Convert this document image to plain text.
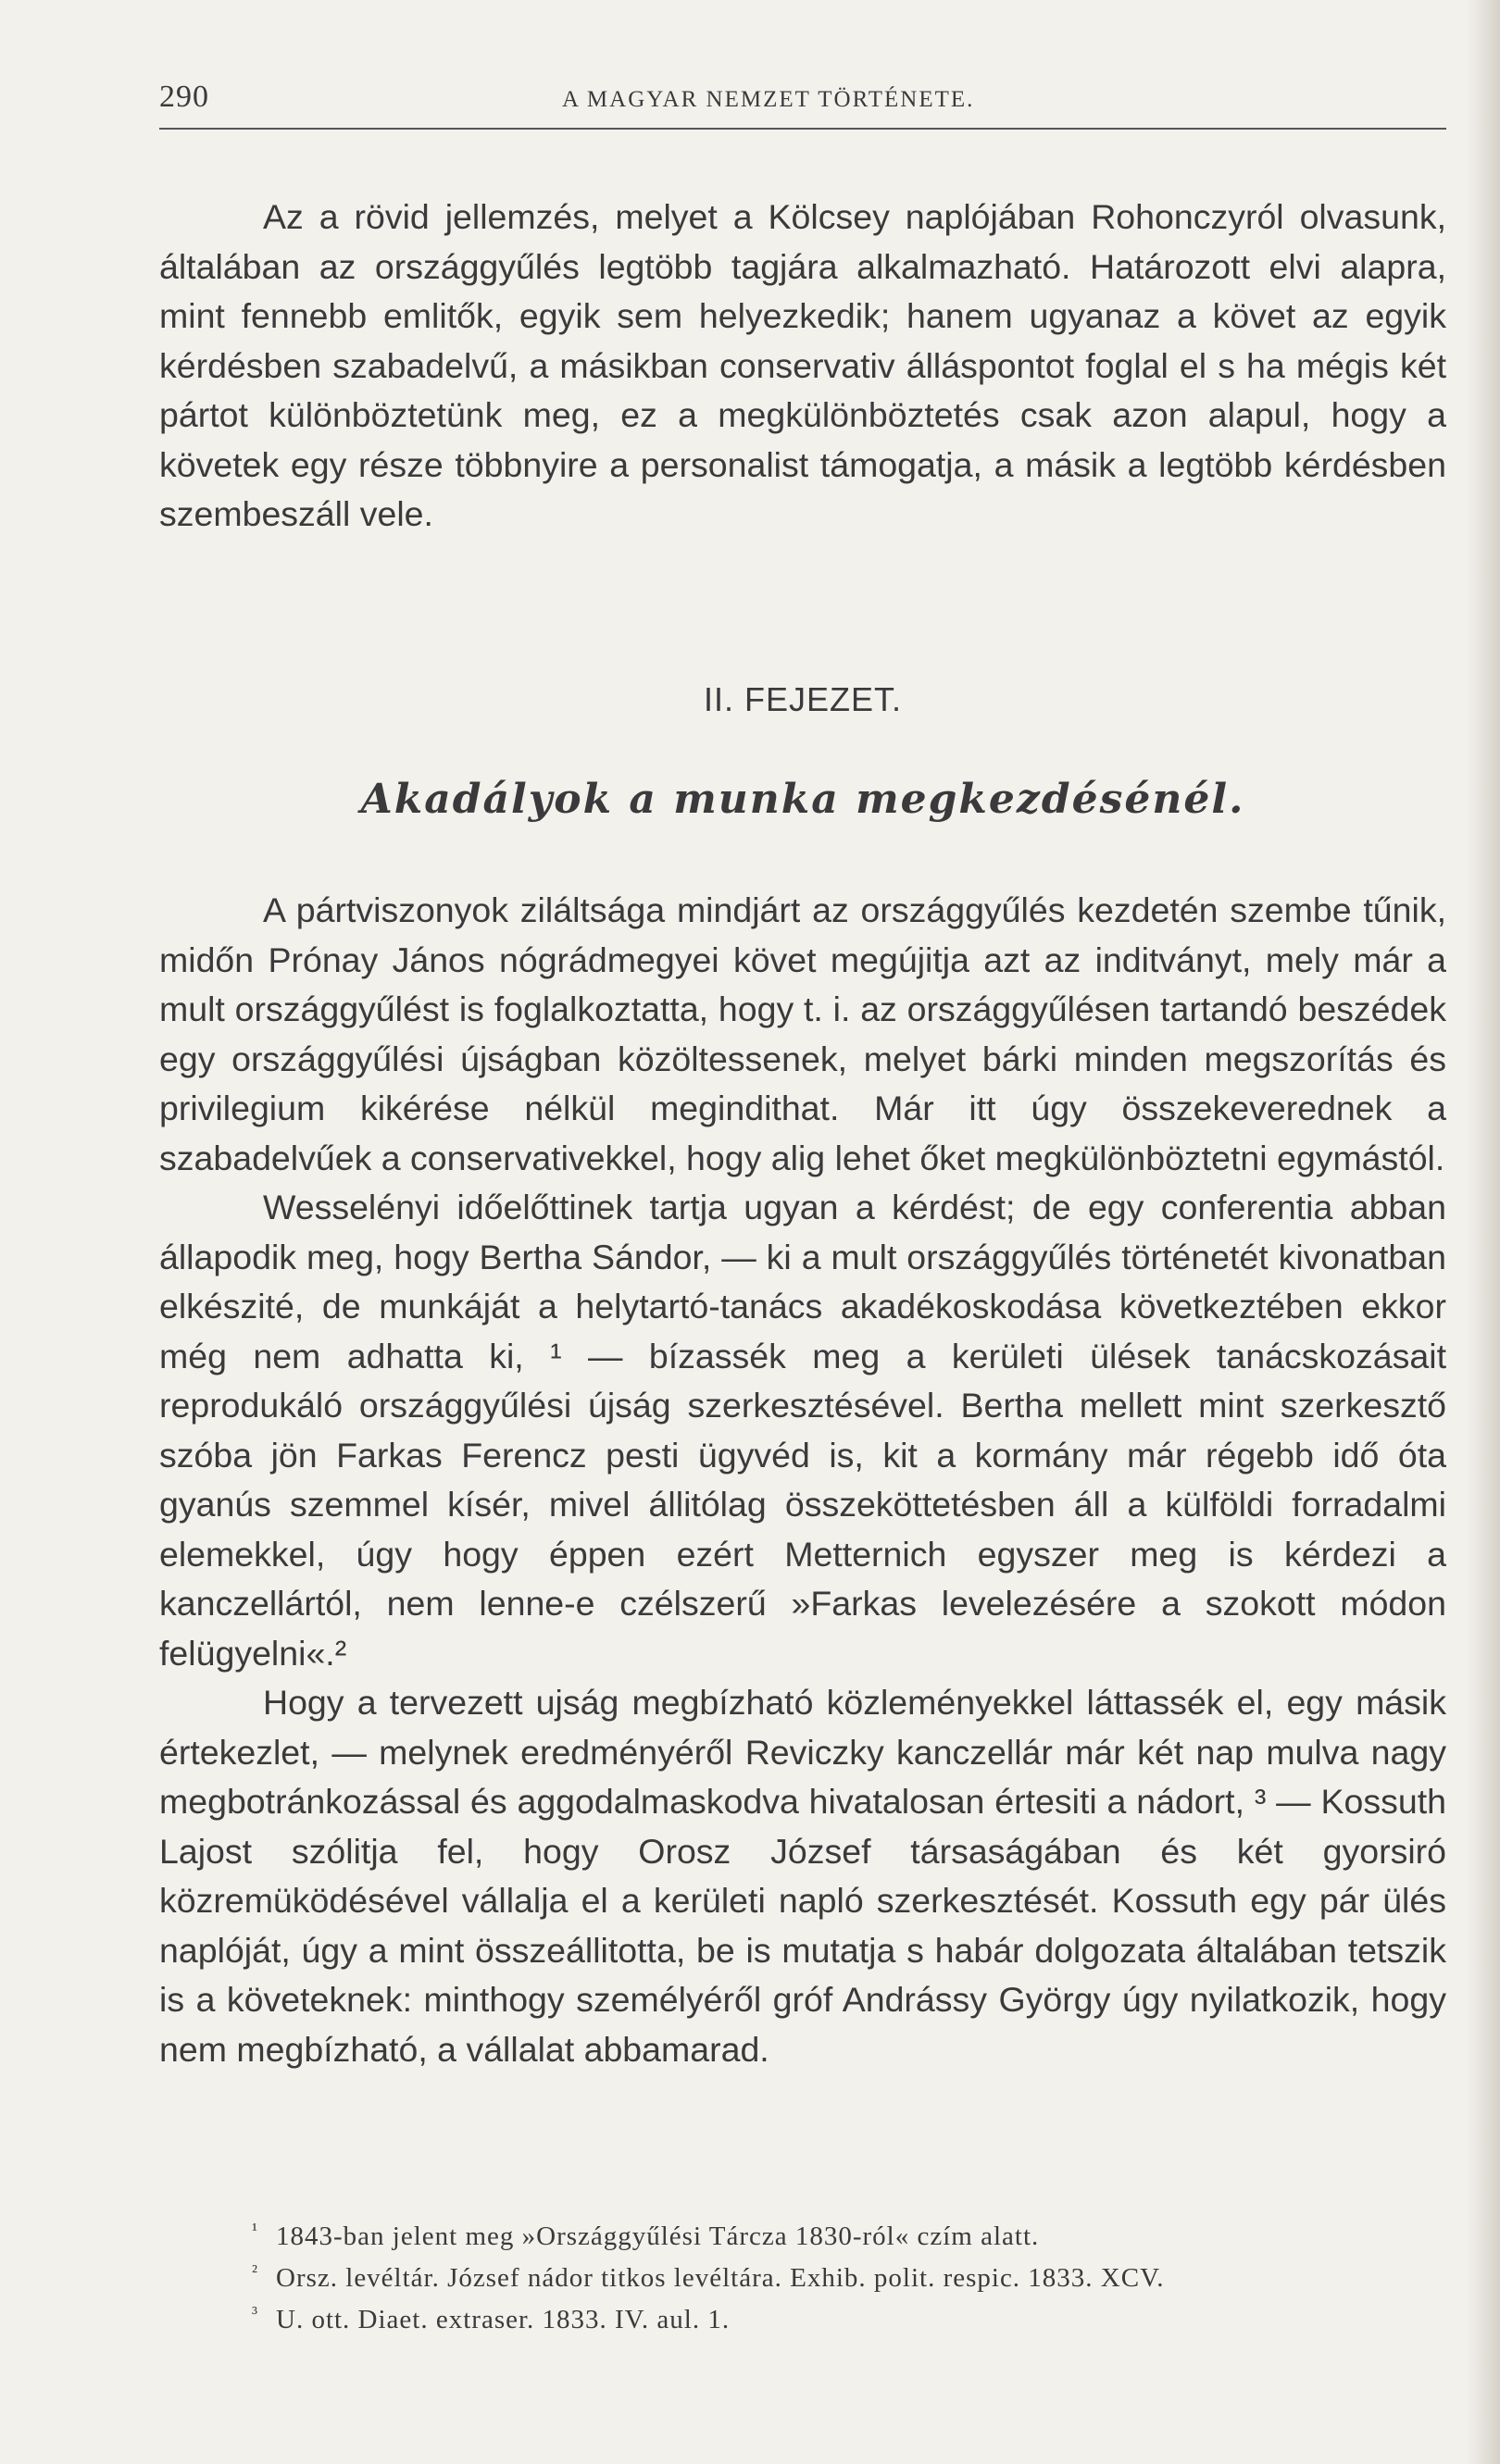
290	A MAGYAR NEMZET TÖRTÉNETE.

Az a rövid jellemzés, melyet a Kölcsey naplójában Rohonczyról olvasunk, általában az országgyűlés legtöbb tagjára alkalmazható. Határozott elvi alapra, mint fennebb emlitők, egyik sem helyezkedik; hanem ugyanaz a követ az egyik kérdésben szabadelvű, a másikban conservativ álláspontot foglal el s ha mégis két pártot különböztetünk meg, ez a megkülönböztetés csak azon alapul, hogy a követek egy része többnyire a personalist támogatja, a másik a legtöbb kérdésben szembeszáll vele.

II. FEJEZET.
Akadályok a munka megkezdésénél.

A pártviszonyok ziláltsága mindjárt az országgyűlés kezdetén szembe tűnik, midőn Prónay János nógrádmegyei követ megújitja azt az inditványt, mely már a mult országgyűlést is foglalkoztatta, hogy t. i. az országgyűlésen tartandó beszédek egy országgyűlési újságban közöltessenek, melyet bárki minden megszorítás és privilegium kikérése nélkül megindithat. Már itt úgy összekeverednek a szabadelvűek a conservativekkel, hogy alig lehet őket megkülönböztetni egymástól.

Wesselényi időelőttinek tartja ugyan a kérdést; de egy conferentia abban állapodik meg, hogy Bertha Sándor, — ki a mult országgyűlés történetét kivonatban elkészité, de munkáját a helytartó-tanács akadékoskodása következtében ekkor még nem adhatta ki, ¹ — bízassék meg a kerületi ülések tanácskozásait reprodukáló országgyűlési újság szerkesztésével. Bertha mellett mint szerkesztő szóba jön Farkas Ferencz pesti ügyvéd is, kit a kormány már régebb idő óta gyanús szemmel kísér, mivel állitólag összeköttetésben áll a külföldi forradalmi elemekkel, úgy hogy éppen ezért Metternich egyszer meg is kérdezi a kanczellártól, nem lenne-e czélszerű »Farkas levelezésére a szokott módon felügyelni«.²

Hogy a tervezett ujság megbízható közleményekkel láttassék el, egy másik értekezlet, — melynek eredményéről Reviczky kanczellár már két nap mulva nagy megbotránkozással és aggodalmaskodva hivatalosan értesiti a nádort, ³ — Kossuth Lajost szólitja fel, hogy Orosz József társaságában és két gyorsiró közremüködésével vállalja el a kerületi napló szerkesztését. Kossuth egy pár ülés naplóját, úgy a mint összeállitotta, be is mutatja s habár dolgozata általában tetszik is a követeknek: minthogy személyéről gróf Andrássy György úgy nyilatkozik, hogy nem megbízható, a vállalat abbamarad.

¹ 1843-ban jelent meg »Országgyűlési Tárcza 1830-ról« czím alatt.
² Orsz. levéltár. József nádor titkos levéltára. Exhib. polit. respic. 1833. XCV.
³ U. ott. Diaet. extraser. 1833. IV. aul. 1.
